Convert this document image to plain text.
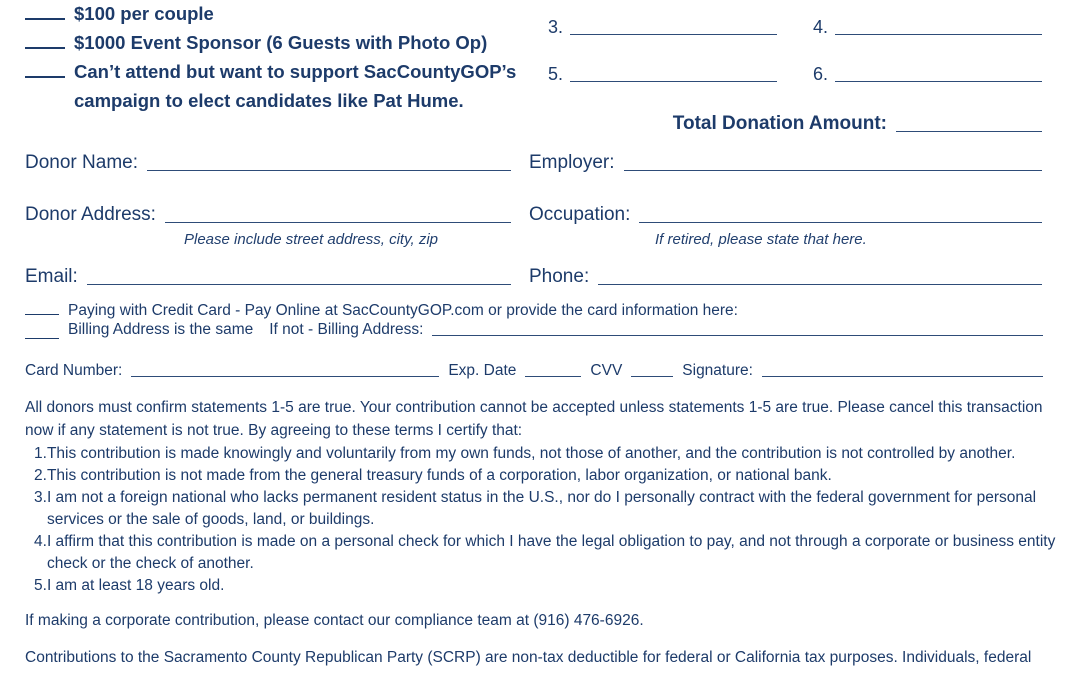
$100 per couple
$1000 Event Sponsor (6 Guests with Photo Op)
Can’t attend but want to support SacCountyGOP’s
campaign to elect candidates like Pat Hume.
3.	4.
5.	6.
Total Donation Amount:
Donor Name:	Employer:
Donor Address:	Occupation:
Please include street address, city, zip	If retired, please state that here.
Email:	Phone:
Paying with Credit Card - Pay Online at SacCountyGOP.com or provide the card information here:
Billing Address is the same If not - Billing Address:
Card Number:	Exp. Date	CVV	Signature:
All donors must confirm statements 1-5 are true. Your contribution cannot be accepted unless statements 1-5 are true. Please cancel this transaction now if any statement is not true. By agreeing to these terms I certify that:
1.This contribution is made knowingly and voluntarily from my own funds, not those of another, and the contribution is not controlled by another.
2.This contribution is not made from the general treasury funds of a corporation, labor organization, or national bank.
3.I am not a foreign national who lacks permanent resident status in the U.S., nor do I personally contract with the federal government for personal services or the sale of goods, land, or buildings.
4.I affirm that this contribution is made on a personal check for which I have the legal obligation to pay, and not through a corporate or business entity check or the check of another.
5.I am at least 18 years old.
If making a corporate contribution, please contact our compliance team at (916) 476-6926.
Contributions to the Sacramento County Republican Party (SCRP) are non-tax deductible for federal or California tax purposes. Individuals, federal
